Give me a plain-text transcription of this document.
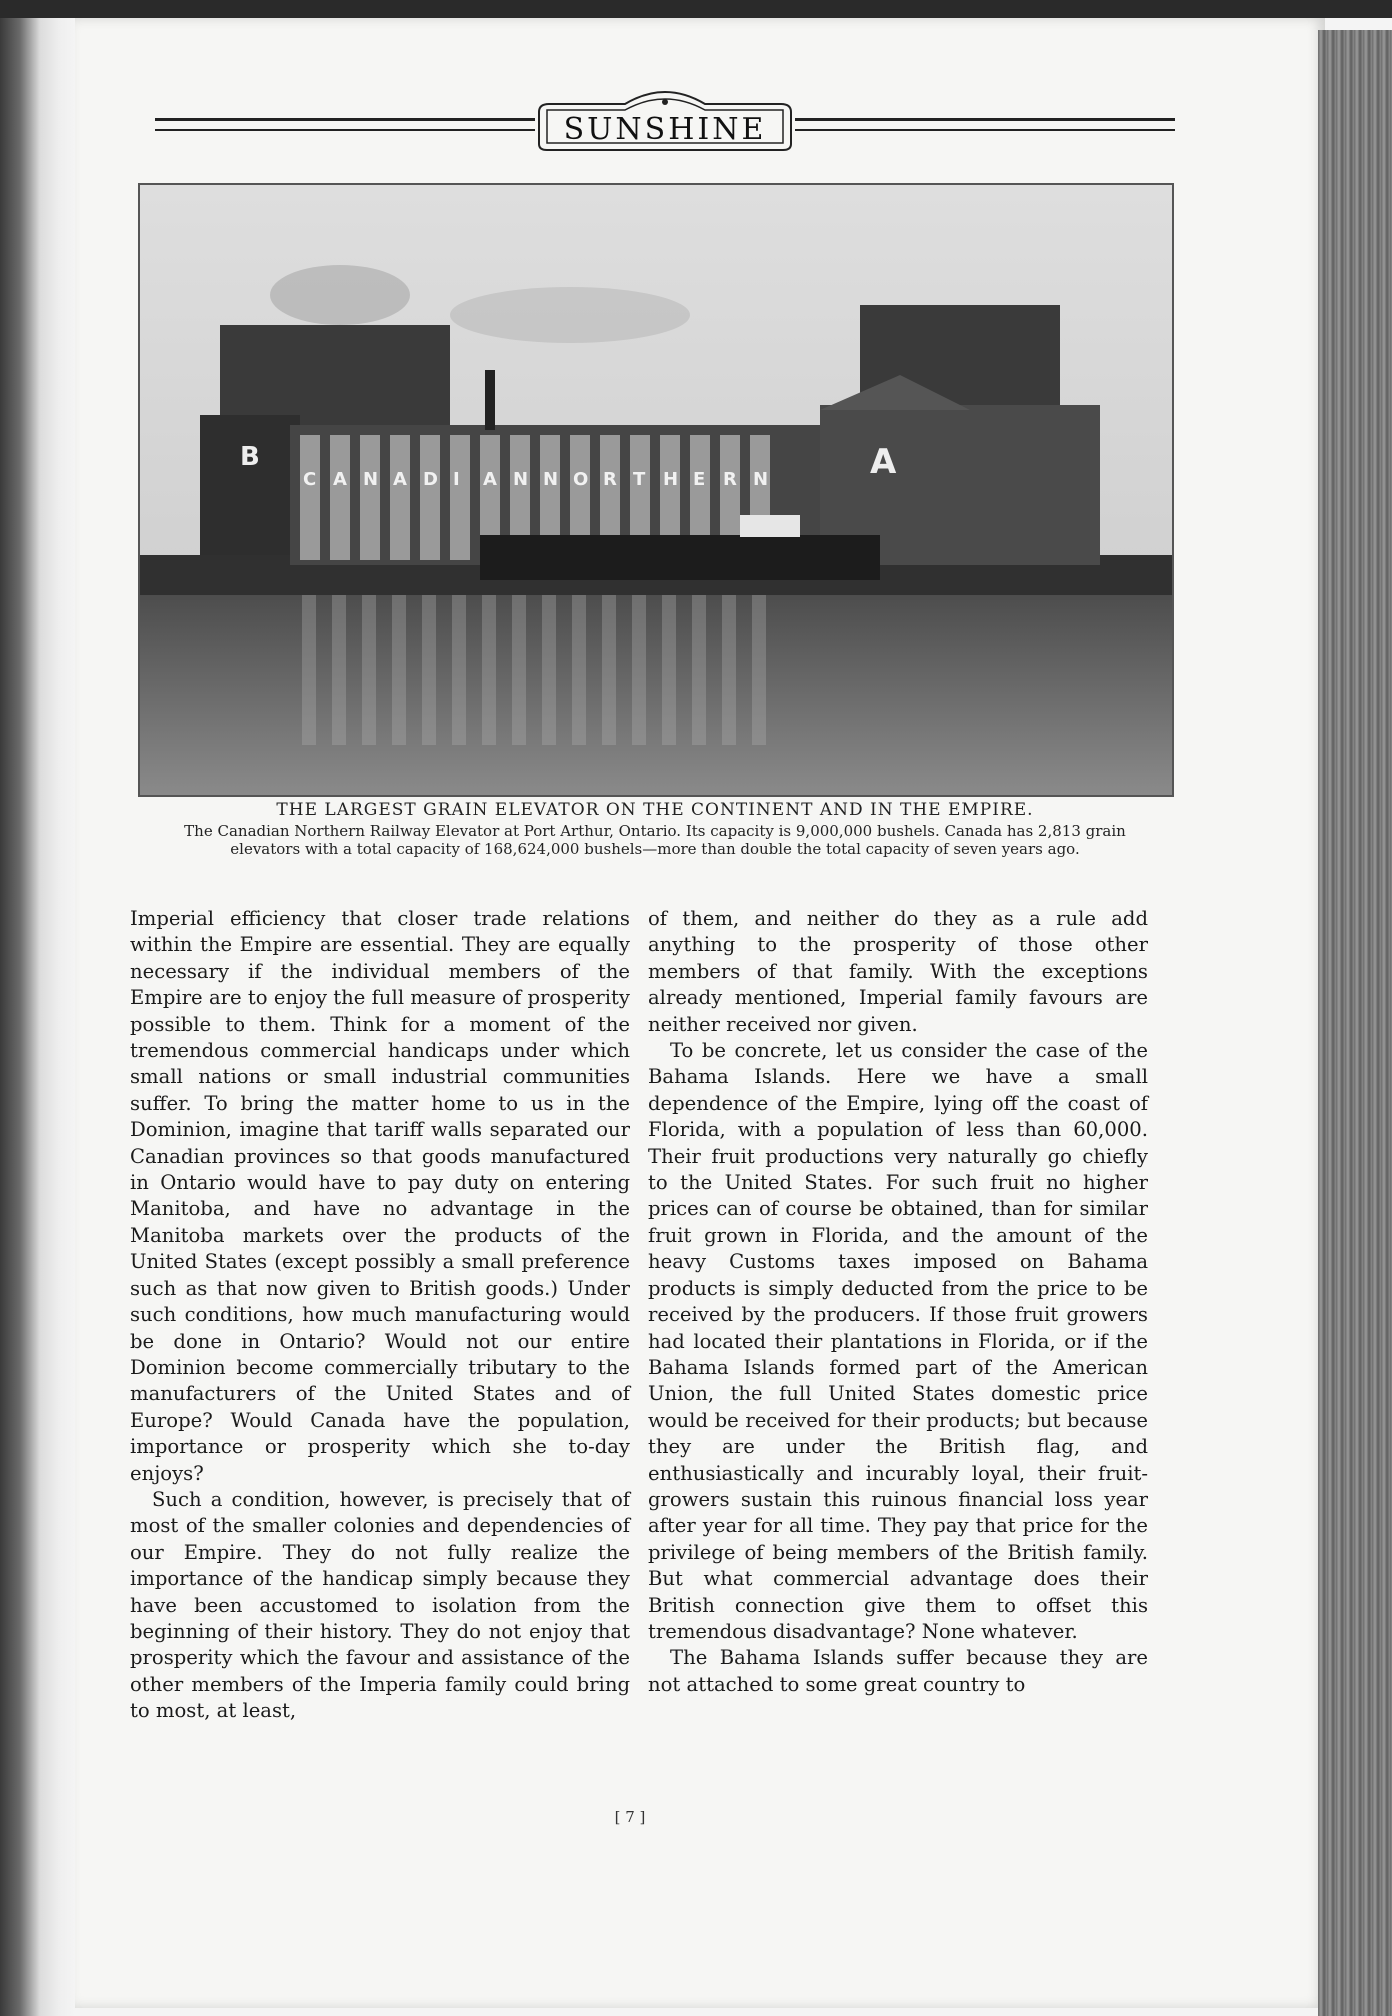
SUNSHINE
B
C A N A D I A N N O R T H E R N	A
THE LARGEST GRAIN ELEVATOR ON THE CONTINENT AND IN THE EMPIRE.
The Canadian Northern Railway Elevator at Port Arthur, Ontario. Its capacity is 9,000,000 bushels. Canada has 2,813 grain elevators with a total capacity of 168,624,000 bushels—more than double the total capacity of seven years ago.

Imperial efficiency that closer trade relations within the Empire are essential. They are equally necessary if the individual members of the Empire are to enjoy the full measure of prosperity possible to them. Think for a moment of the tremendous commercial handicaps under which small nations or small industrial communities suffer. To bring the matter home to us in the Dominion, imagine that tariff walls separated our Canadian provinces so that goods manufactured in Ontario would have to pay duty on entering Manitoba, and have no advantage in the Manitoba markets over the products of the United States (except possibly a small preference such as that now given to British goods.) Under such conditions, how much manufacturing would be done in Ontario? Would not our entire Dominion become commercially tributary to the manufacturers of the United States and of Europe? Would Canada have the population, importance or prosperity which she to-day enjoys?

Such a condition, however, is precisely that of most of the smaller colonies and dependencies of our Empire. They do not fully realize the importance of the handicap simply because they have been accustomed to isolation from the beginning of their history. They do not enjoy that prosperity which the favour and assistance of the other members of the Imperia family could bring to most, at least,

of them, and neither do they as a rule add anything to the prosperity of those other members of that family. With the exceptions already mentioned, Imperial family favours are neither received nor given.

To be concrete, let us consider the case of the Bahama Islands. Here we have a small dependence of the Empire, lying off the coast of Florida, with a population of less than 60,000. Their fruit productions very naturally go chiefly to the United States. For such fruit no higher prices can of course be obtained, than for similar fruit grown in Florida, and the amount of the heavy Customs taxes imposed on Bahama products is simply deducted from the price to be received by the producers. If those fruit growers had located their plantations in Florida, or if the Bahama Islands formed part of the American Union, the full United States domestic price would be received for their products; but because they are under the British flag, and enthusiastically and incurably loyal, their fruit-growers sustain this ruinous financial loss year after year for all time. They pay that price for the privilege of being members of the British family. But what commercial advantage does their British connection give them to offset this tremendous disadvantage? None whatever.

The Bahama Islands suffer because they are not attached to some great country to

[ 7 ]
